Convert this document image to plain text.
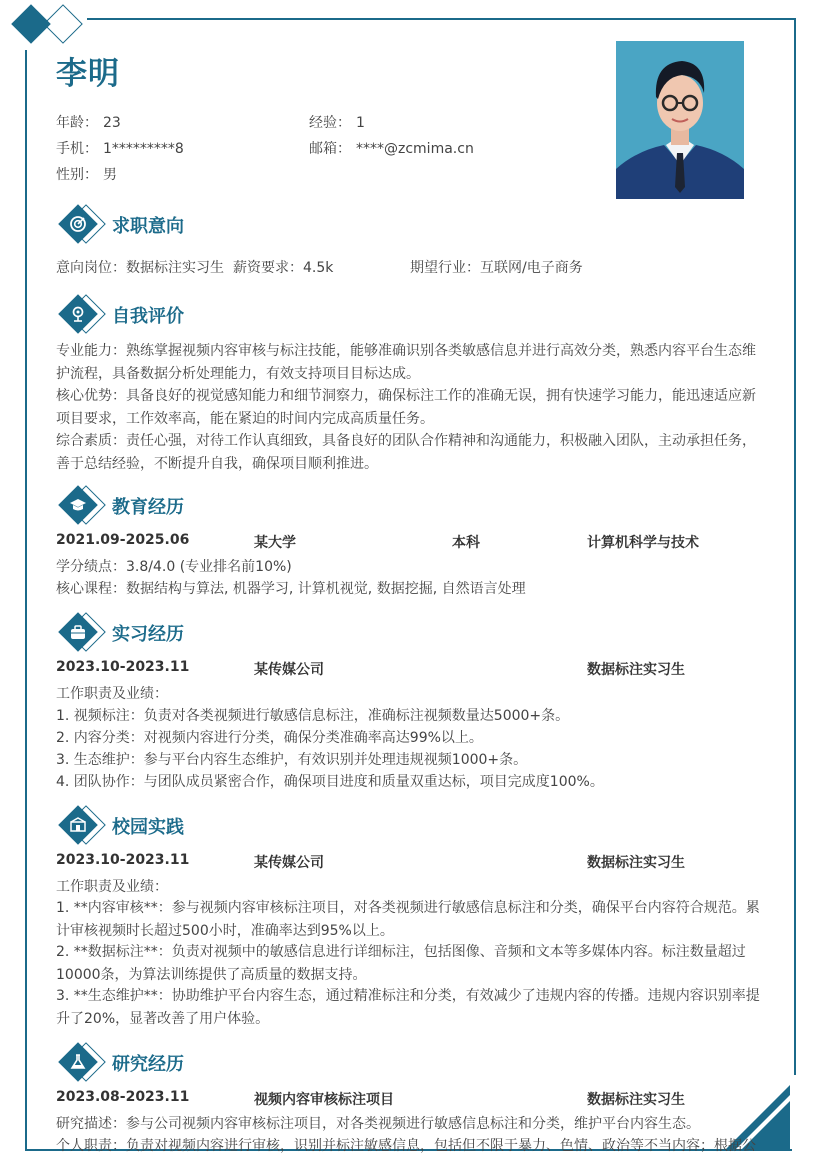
李明
年龄： 23	经验： 1
手机： 1*********8	邮箱： ****@zcmima.cn
性别： 男
求职意向
意向岗位：数据标注实习生 薪资要求：4.5k	期望行业：互联网/电子商务
自我评价
专业能力：熟练掌握视频内容审核与标注技能，能够准确识别各类敏感信息并进行高效分类，熟悉内容平台生态维护流程，具备数据分析处理能力，有效支持项目目标达成。
核心优势：具备良好的视觉感知能力和细节洞察力，确保标注工作的准确无误，拥有快速学习能力，能迅速适应新项目要求，工作效率高，能在紧迫的时间内完成高质量任务。
综合素质：责任心强，对待工作认真细致，具备良好的团队合作精神和沟通能力，积极融入团队，主动承担任务，善于总结经验，不断提升自我，确保项目顺利推进。
教育经历
2021.09-2025.06	某大学	本科	计算机科学与技术
学分绩点：3.8/4.0 (专业排名前10%)
核心课程：数据结构与算法, 机器学习, 计算机视觉, 数据挖掘, 自然语言处理
实习经历
2023.10-2023.11	某传媒公司	数据标注实习生
工作职责及业绩：
1. 视频标注：负责对各类视频进行敏感信息标注，准确标注视频数量达5000+条。
2. 内容分类：对视频内容进行分类，确保分类准确率高达99%以上。
3. 生态维护：参与平台内容生态维护，有效识别并处理违规视频1000+条。
4. 团队协作：与团队成员紧密合作，确保项目进度和质量双重达标，项目完成度100%。
校园实践
2023.10-2023.11	某传媒公司	数据标注实习生
工作职责及业绩：
1. **内容审核**：参与视频内容审核标注项目，对各类视频进行敏感信息标注和分类，确保平台内容符合规范。累计审核视频时长超过500小时，准确率达到95%以上。
2. **数据标注**：负责对视频中的敏感信息进行详细标注，包括图像、音频和文本等多媒体内容。标注数量超过10000条，为算法训练提供了高质量的数据支持。
3. **生态维护**：协助维护平台内容生态，通过精准标注和分类，有效减少了违规内容的传播。违规内容识别率提升了20%，显著改善了用户体验。
研究经历
2023.08-2023.11	视频内容审核标注项目	数据标注实习生
研究描述：参与公司视频内容审核标注项目，对各类视频进行敏感信息标注和分类，维护平台内容生态。
个人职责：负责对视频内容进行审核，识别并标注敏感信息，包括但不限于暴力、色情、政治等不当内容；根据公
